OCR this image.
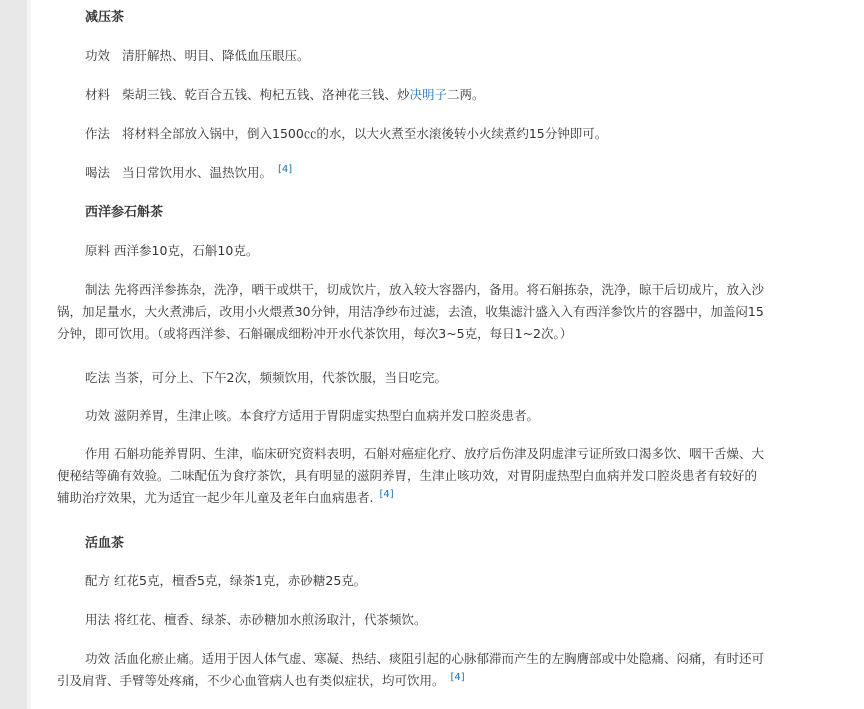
减压茶
功效 清肝解热、明目、降低血压眼压。
材料 柴胡三钱、乾百合五钱、枸杞五钱、洛神花三钱、炒决明子二两。
作法 将材料全部放入锅中，倒入1500㏄的水，以大火煮至水滚後转小火续煮约15分钟即可。
喝法 当日常饮用水、温热饮用。 [4]
西洋参石斛茶
原料 西洋参10克，石斛10克。
制法 先将西洋参拣杂，洗净，晒干或烘干，切成饮片，放入较大容器内，备用。将石斛拣杂，洗净，晾干后切成片，放入沙
锅，加足量水，大火煮沸后，改用小火煨煮30分钟，用洁净纱布过滤，去渣，收集滤汁盛入入有西洋参饮片的容器中，加盖闷15
分钟，即可饮用。（或将西洋参、石斛碾成细粉冲开水代茶饮用，每次3~5克，每日1~2次。）
吃法 当茶，可分上、下午2次，频频饮用，代茶饮服，当日吃完。
功效 滋阴养胃，生津止咳。本食疗方适用于胃阴虚实热型白血病并发口腔炎患者。
作用 石斛功能养胃阴、生津，临床研究资料表明，石斛对癌症化疗、放疗后伤津及阴虚津亏证所致口渴多饮、咽干舌燥、大
便秘结等确有效验。二味配伍为食疗茶饮，具有明显的滋阴养胃，生津止咳功效，对胃阴虚热型白血病并发口腔炎患者有较好的
辅助治疗效果，尤为适宜一起少年儿童及老年白血病患者. [4]
活血茶
配方 红花5克，檀香5克，绿茶1克，赤砂糖25克。
用法 将红花、檀香、绿茶、赤砂糖加水煎汤取汁，代茶频饮。
功效 活血化瘀止痛。适用于因人体气虚、寒凝、热结、痰阻引起的心脉郁滞而产生的左胸膺部或中处隐痛、闷痛，有时还可
引及肩背、手臂等处疼痛，不少心血管病人也有类似症状，均可饮用。 [4]
